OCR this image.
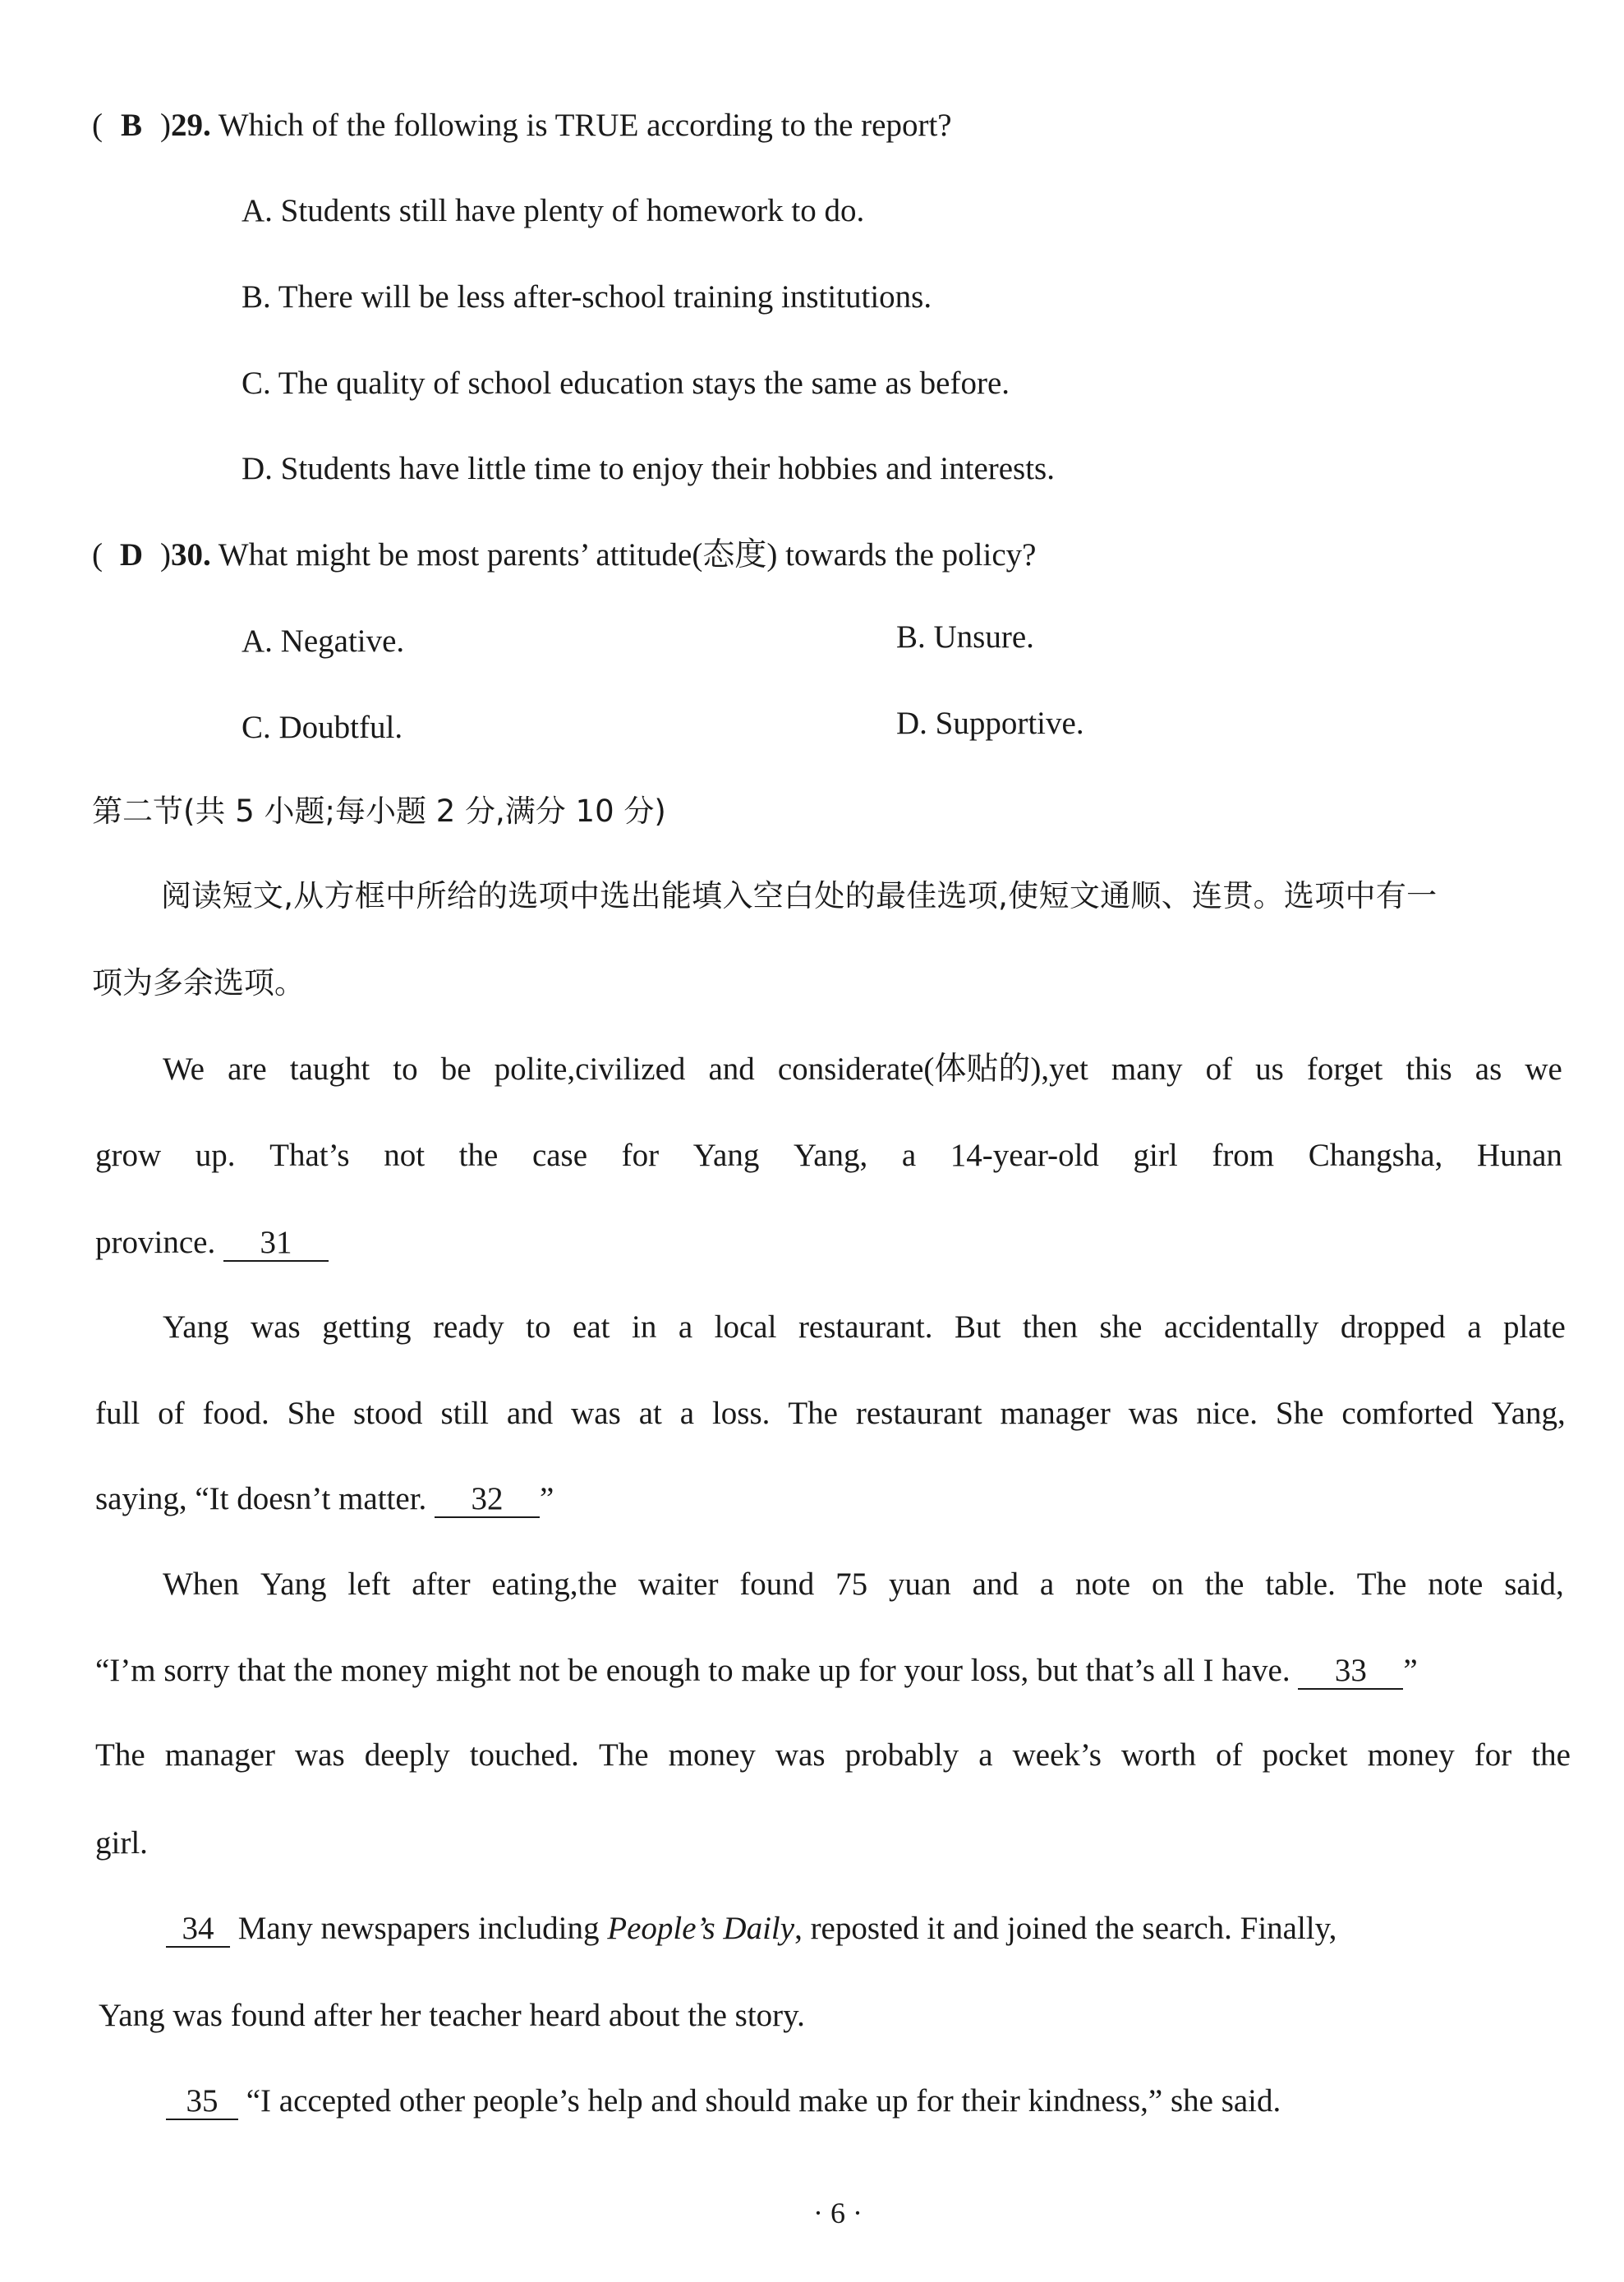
( B )29. Which of the following is TRUE according to the report?
A. Students still have plenty of homework to do.
B. There will be less after-school training institutions.
C. The quality of school education stays the same as before.
D. Students have little time to enjoy their hobbies and interests.
( D )30. What might be most parents’ attitude(态度) towards the policy?
A. Negative.	B. Unsure.
C. Doubtful.	D. Supportive.
第二节(共 5 小题;每小题 2 分,满分 10 分)
阅读短文,从方框中所给的选项中选出能填入空白处的最佳选项,使短文通顺、连贯。选项中有一
项为多余选项。
We are taught to be polite,civilized and considerate(体贴的),yet many of us forget this as we
grow up. That’s not the case for Yang Yang, a 14-year-old girl from Changsha, Hunan
province. 31
Yang was getting ready to eat in a local restaurant. But then she accidentally dropped a plate
full of food. She stood still and was at a loss. The restaurant manager was nice. She comforted Yang,
saying, “It doesn’t matter. 32 ”
When Yang left after eating,the waiter found 75 yuan and a note on the table. The note said,
“I’m sorry that the money might not be enough to make up for your loss, but that’s all I have. 33 ”
The manager was deeply touched. The money was probably a week’s worth of pocket money for the
girl.
34 Many newspapers including People’s Daily, reposted it and joined the search. Finally,
Yang was found after her teacher heard about the story.
35 “I accepted other people’s help and should make up for their kindness,” she said.
· 6 ·
